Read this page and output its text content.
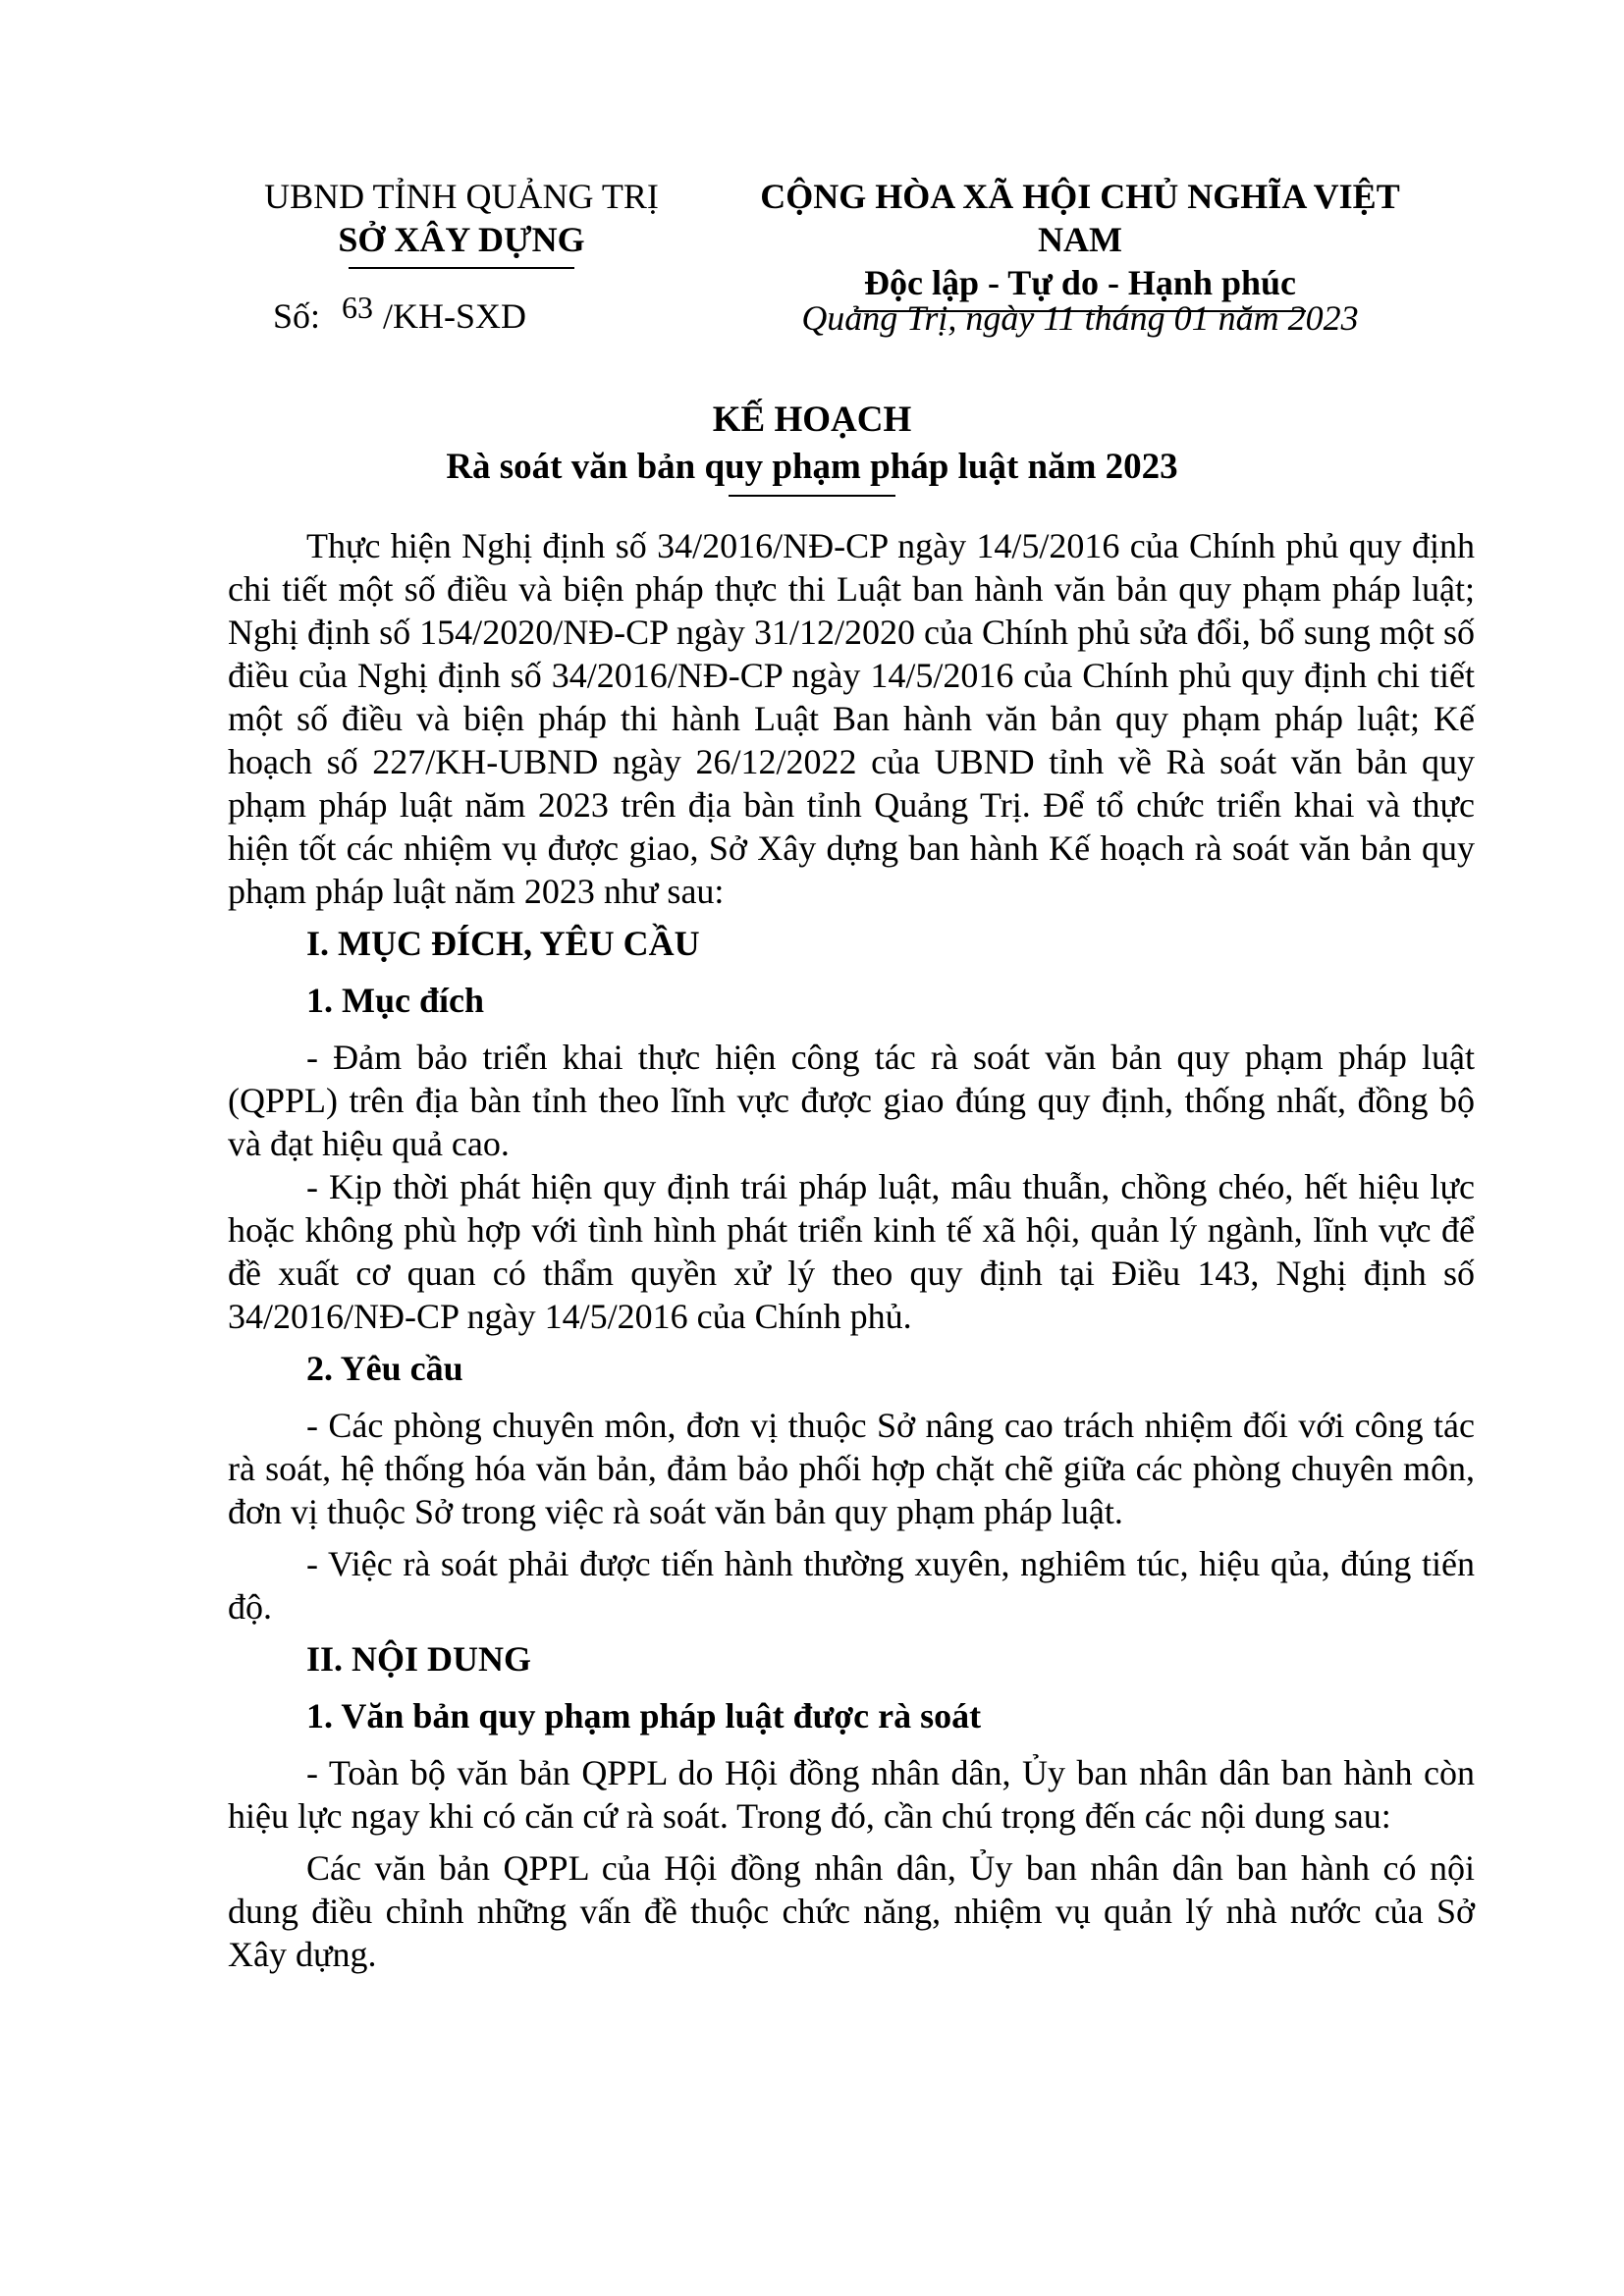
UBND TỈNH QUẢNG TRỊ
SỞ XÂY DỰNG
CỘNG HÒA XÃ HỘI CHỦ NGHĨA VIỆT NAM
Độc lập - Tự do - Hạnh phúc
Số: 63 /KH-SXD	Quảng Trị, ngày 11 tháng 01 năm 2023
KẾ HOẠCH
Rà soát văn bản quy phạm pháp luật năm 2023

Thực hiện Nghị định số 34/2016/NĐ-CP ngày 14/5/2016 của Chính phủ quy định chi tiết một số điều và biện pháp thực thi Luật ban hành văn bản quy phạm pháp luật; Nghị định số 154/2020/NĐ-CP ngày 31/12/2020 của Chính phủ sửa đổi, bổ sung một số điều của Nghị định số 34/2016/NĐ-CP ngày 14/5/2016 của Chính phủ quy định chi tiết một số điều và biện pháp thi hành Luật Ban hành văn bản quy phạm pháp luật; Kế hoạch số 227/KH-UBND ngày 26/12/2022 của UBND tỉnh về Rà soát văn bản quy phạm pháp luật năm 2023 trên địa bàn tỉnh Quảng Trị. Để tổ chức triển khai và thực hiện tốt các nhiệm vụ được giao, Sở Xây dựng ban hành Kế hoạch rà soát văn bản quy phạm pháp luật năm 2023 như sau:

I. MỤC ĐÍCH, YÊU CẦU
1. Mục đích

- Đảm bảo triển khai thực hiện công tác rà soát văn bản quy phạm pháp luật (QPPL) trên địa bàn tỉnh theo lĩnh vực được giao đúng quy định, thống nhất, đồng bộ và đạt hiệu quả cao.

- Kịp thời phát hiện quy định trái pháp luật, mâu thuẫn, chồng chéo, hết hiệu lực hoặc không phù hợp với tình hình phát triển kinh tế xã hội, quản lý ngành, lĩnh vực để đề xuất cơ quan có thẩm quyền xử lý theo quy định tại Điều 143, Nghị định số 34/2016/NĐ-CP ngày 14/5/2016 của Chính phủ.

2. Yêu cầu

- Các phòng chuyên môn, đơn vị thuộc Sở nâng cao trách nhiệm đối với công tác rà soát, hệ thống hóa văn bản, đảm bảo phối hợp chặt chẽ giữa các phòng chuyên môn, đơn vị thuộc Sở trong việc rà soát văn bản quy phạm pháp luật.

- Việc rà soát phải được tiến hành thường xuyên, nghiêm túc, hiệu qủa, đúng tiến độ.

II. NỘI DUNG
1. Văn bản quy phạm pháp luật được rà soát

- Toàn bộ văn bản QPPL do Hội đồng nhân dân, Ủy ban nhân dân ban hành còn hiệu lực ngay khi có căn cứ rà soát. Trong đó, cần chú trọng đến các nội dung sau:

Các văn bản QPPL của Hội đồng nhân dân, Ủy ban nhân dân ban hành có nội dung điều chỉnh những vấn đề thuộc chức năng, nhiệm vụ quản lý nhà nước của Sở Xây dựng.
